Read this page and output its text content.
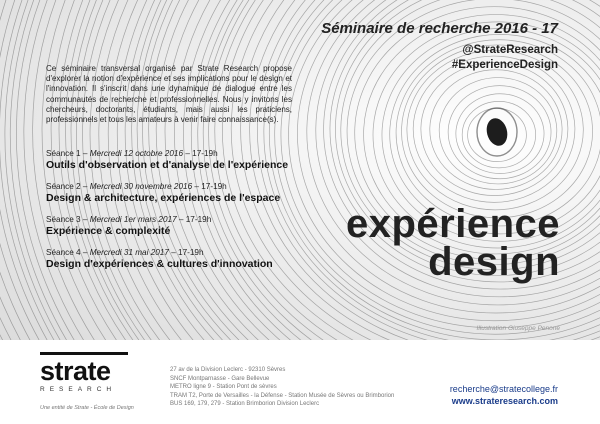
Séminaire de recherche 2016 - 17
@StrateResearch
#ExperienceDesign
Ce séminaire transversal organisé par Strate Research propose d'explorer la notion d'expérience et ses implications pour le design et l'innovation. Il s'inscrit dans une dynamique de dialogue entre les communautés de recherche et professionnelles. Nous y invitons les chercheurs, doctorants, étudiants, mais aussi les praticiens, professionnels et tous les amateurs à venir faire connaissance(s).
Séance 1 – Mercredi 12 octobre 2016 – 17-19h
Outils d'observation et d'analyse de l'expérience
Séance 2 – Mercredi 30 novembre 2016 – 17-19h
Design & architecture, expériences de l'espace
Séance 3 – Mercredi 1er mars 2017 – 17-19h
Expérience & complexité
Séance 4 – Mercredi 31 mai 2017 – 17-19h
Design d'expériences & cultures d'innovation
expérience
design
Illustration Giuseppe Penone
strate
RESEARCH
Une entité de Strate - École de Design
27 av de la Division Leclerc - 92310 Sèvres
SNCF Montparnasse - Gare Bellevue
METRO ligne 9 - Station Pont de sèvres
TRAM T2, Porte de Versailles - la Défense - Station Musée de Sèvres ou Brimborion
BUS 169, 179, 279 - Station Brimborion Division Leclerc
recherche@stratecollege.fr
www.strateresearch.com
